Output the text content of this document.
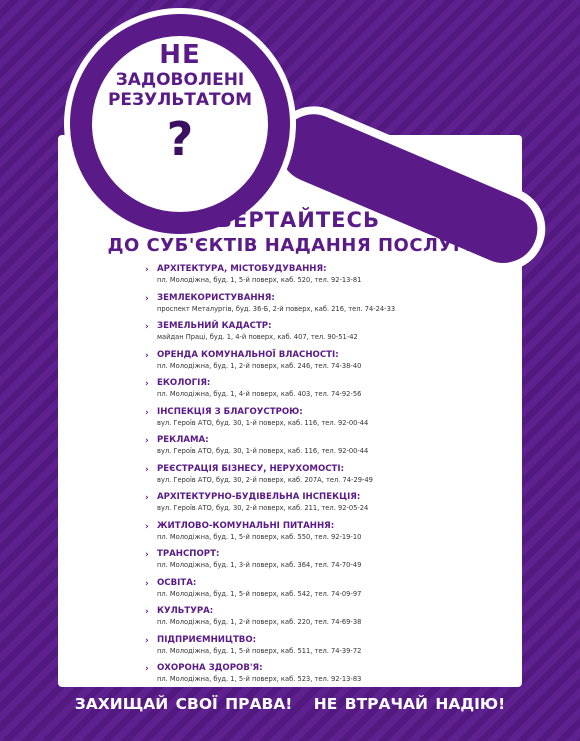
НЕ
ЗАДОВОЛЕНІ
РЕЗУЛЬТАТОМ
?
ЗВЕРТАЙТЕСЬ
ДО СУБ'ЄКТІВ НАДАННЯ ПОСЛУГ:
› АРХІТЕКТУРА, МІСТОБУДУВАННЯ:
пл. Молодіжна, буд. 1, 5-й поверх, каб. 520, тел. 92-13-81
› ЗЕМЛЕКОРИСТУВАННЯ:
проспект Металургів, буд. 36-Б, 2-й поверх, каб. 216, тел. 74-24-33
› ЗЕМЕЛЬНИЙ КАДАСТР:
майдан Праці, буд. 1, 4-й поверх, каб. 407, тел. 90-51-42
› ОРЕНДА КОМУНАЛЬНОЇ ВЛАСНОСТІ:
пл. Молодіжна, буд. 1, 2-й поверх, каб. 246, тел. 74-38-40
› ЕКОЛОГІЯ:
пл. Молодіжна, буд. 1, 4-й поверх, каб. 403, тел. 74-92-56
› ІНСПЕКЦІЯ З БЛАГОУСТРОЮ:
вул. Героїв АТО, буд. 30, 1-й поверх, каб. 116, тел. 92-00-44
› РЕКЛАМА:
вул. Героїв АТО, буд. 30, 1-й поверх, каб. 116, тел. 92-00-44
› РЕЄСТРАЦІЯ БІЗНЕСУ, НЕРУХОМОСТІ:
вул. Героїв АТО, буд. 30, 2-й поверх, каб. 207А, тел. 74-29-49
› АРХІТЕКТУРНО-БУДІВЕЛЬНА ІНСПЕКЦІЯ:
вул. Героїв АТО, буд. 30, 2-й поверх, каб. 211, тел. 92-05-24
› ЖИТЛОВО-КОМУНАЛЬНІ ПИТАННЯ:
пл. Молодіжна, буд. 1, 5-й поверх, каб. 550, тел. 92-19-10
› ТРАНСПОРТ:
пл. Молодіжна, буд. 1, 3-й поверх, каб. 364, тел. 74-70-49
› ОСВІТА:
пл. Молодіжна, буд. 1, 5-й поверх, каб. 542, тел. 74-09-97
› КУЛЬТУРА:
пл. Молодіжна, буд. 1, 2-й поверх, каб. 220, тел. 74-69-38
› ПІДПРИЄМНИЦТВО:
пл. Молодіжна, буд. 1, 5-й поверх, каб. 511, тел. 74-39-72
› ОХОРОНА ЗДОРОВ'Я:
пл. Молодіжна, буд. 1, 5-й поверх, каб. 523, тел. 92-13-83
ЗАХИЩАЙ СВОЇ ПРАВА! НЕ ВТРАЧАЙ НАДІЮ!
